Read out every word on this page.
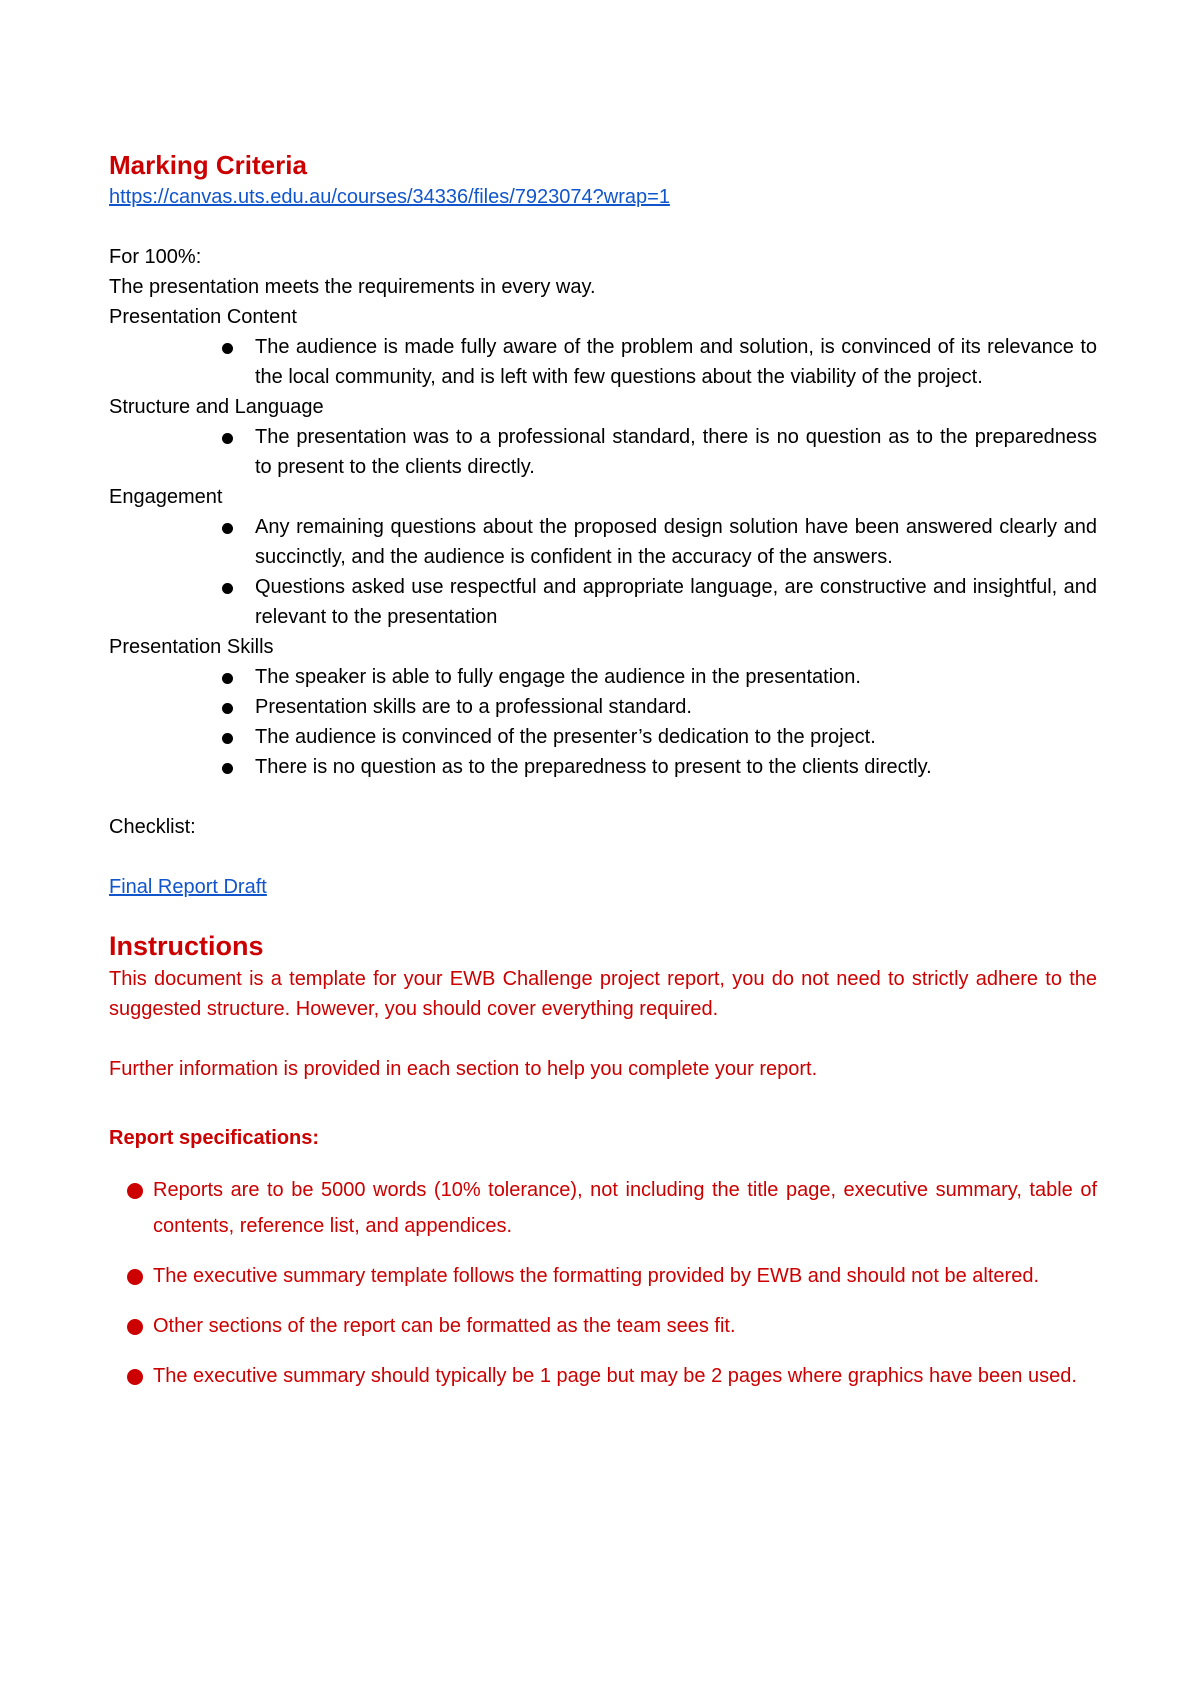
Marking Criteria
https://canvas.uts.edu.au/courses/34336/files/7923074?wrap=1

For 100%:

The presentation meets the requirements in every way.

Presentation Content

The audience is made fully aware of the problem and solution, is convinced of its relevance to the local community, and is left with few questions about the viability of the project.

Structure and Language

The presentation was to a professional standard, there is no question as to the preparedness to present to the clients directly.

Engagement

Any remaining questions about the proposed design solution have been answered clearly and succinctly, and the audience is confident in the accuracy of the answers.
Questions asked use respectful and appropriate language, are constructive and insightful, and relevant to the presentation

Presentation Skills

The speaker is able to fully engage the audience in the presentation.
Presentation skills are to a professional standard.
The audience is convinced of the presenter’s dedication to the project.
There is no question as to the preparedness to present to the clients directly.

Checklist:

Final Report Draft
Instructions

This document is a template for your EWB Challenge project report, you do not need to strictly adhere to the suggested structure. However, you should cover everything required.

Further information is provided in each section to help you complete your report.

Report specifications:
Reports are to be 5000 words (10% tolerance), not including the title page, executive summary, table of contents, reference list, and appendices.
The executive summary template follows the formatting provided by EWB and should not be altered.
Other sections of the report can be formatted as the team sees fit.
The executive summary should typically be 1 page but may be 2 pages where graphics have been used.
